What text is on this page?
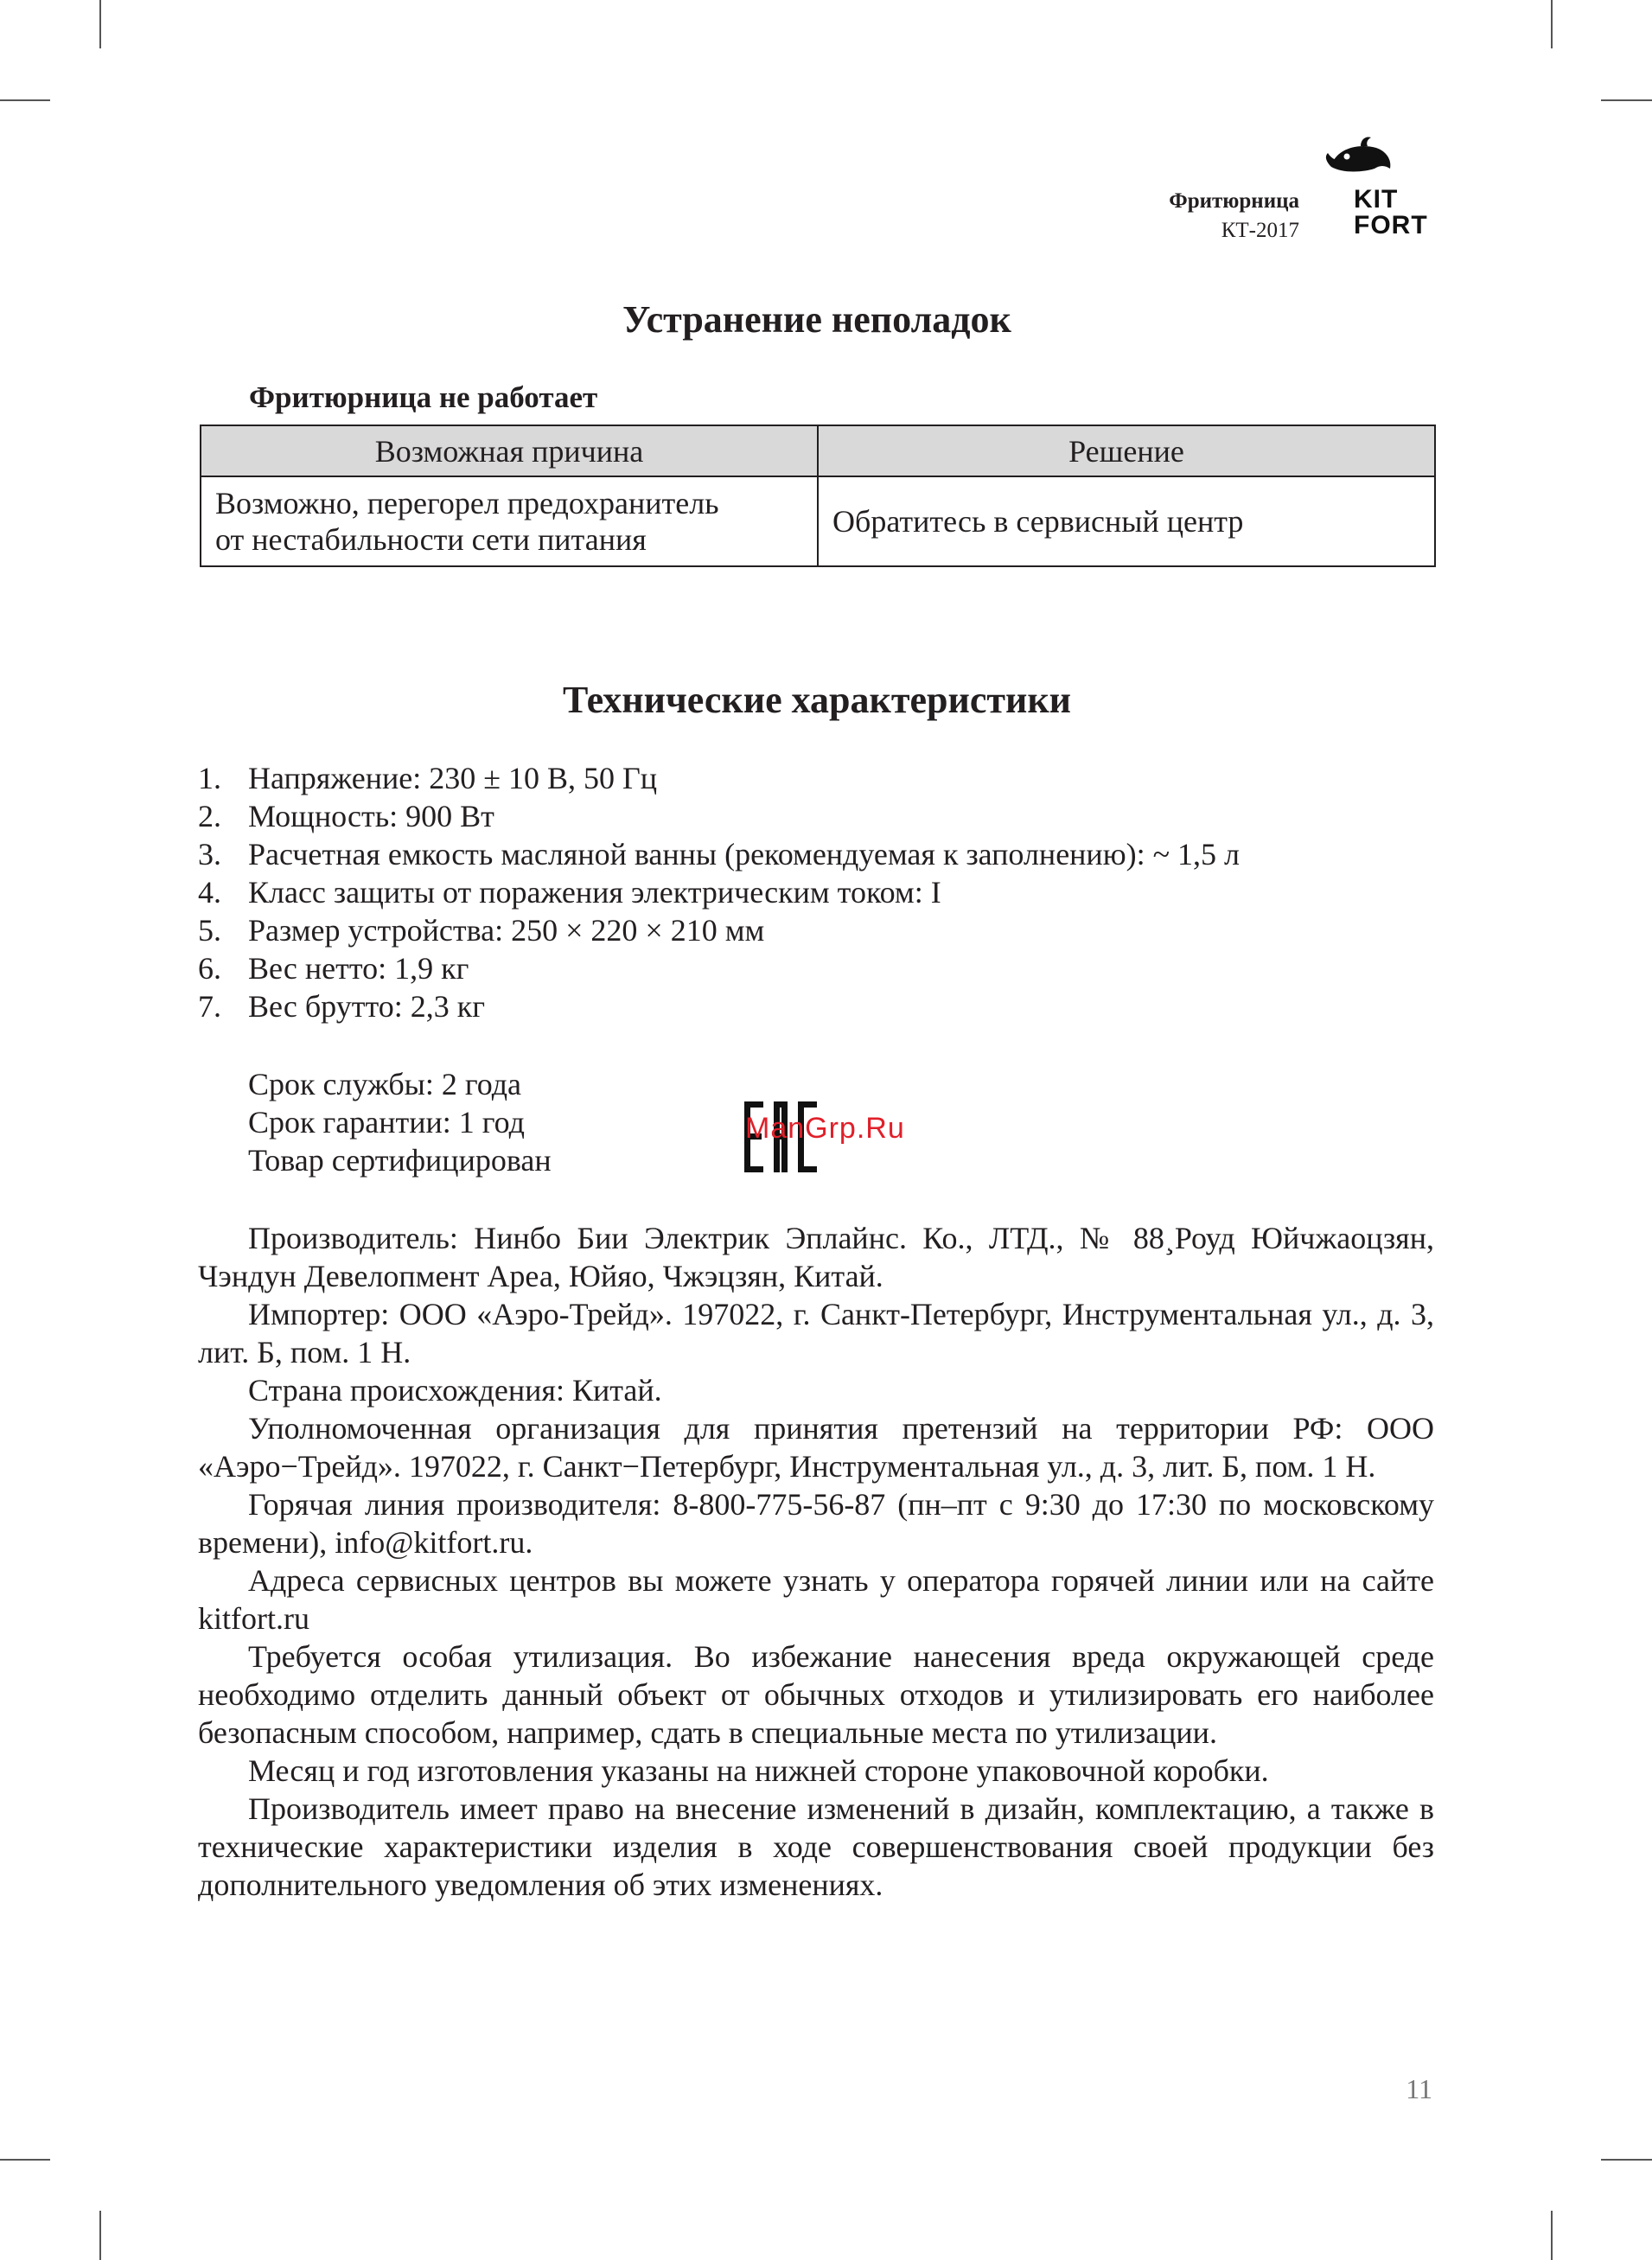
Фритюрница
КТ-2017
KIT
FORT
Устранение неполадок
Фритюрница не работает
Возможная причина	Решение

Возможно, перегорел предохранитель
от нестабильности сети питания	Обратитесь в сервисный центр
Технические характеристики
1. Напряжение: 230 ± 10 В, 50 Гц
2. Мощность: 900 Вт
3. Расчетная емкость масляной ванны (рекомендуемая к заполнению): ~ 1,5 л
4. Класс защиты от поражения электрическим током: I
5. Размер устройства: 250 × 220 × 210 мм
6. Вес нетто: 1,9 кг
7. Вес брутто: 2,3 кг
Срок службы: 2 года
Срок гарантии: 1 год
Товар сертифицирован
ManGrp.Ru

Производитель: Нинбо Бии Электрик Эплайнс. Ко., ЛТД., № 88¸Роуд Юйчжаоцзян, Чэндун Девелопмент Ареа, Юйяо, Чжэцзян, Китай.

Импортер: ООО «Аэро-Трейд». 197022, г. Санкт-Петербург, Инструментальная ул., д. 3, лит. Б, пом. 1 Н.

Страна происхождения: Китай.

Уполномоченная организация для принятия претензий на территории РФ: ООО «Аэро−Трейд». 197022, г. Санкт−Петербург, Инструментальная ул., д. 3, лит. Б, пом. 1 Н.

Горячая линия производителя: 8-800-775-56-87 (пн–пт с 9:30 до 17:30 по московскому времени), info@kitfort.ru.

Адреса сервисных центров вы можете узнать у оператора горячей линии или на сайте kitfort.ru

Требуется особая утилизация. Во избежание нанесения вреда окружающей среде необходимо отделить данный объект от обычных отходов и утилизировать его наиболее безопасным способом, например, сдать в специальные места по утилизации.

Месяц и год изготовления указаны на нижней стороне упаковочной коробки.

Производитель имеет право на внесение изменений в дизайн, комплектацию, а также в технические характеристики изделия в ходе совершенствования своей продукции без дополнительного уведомления об этих изменениях.

11
